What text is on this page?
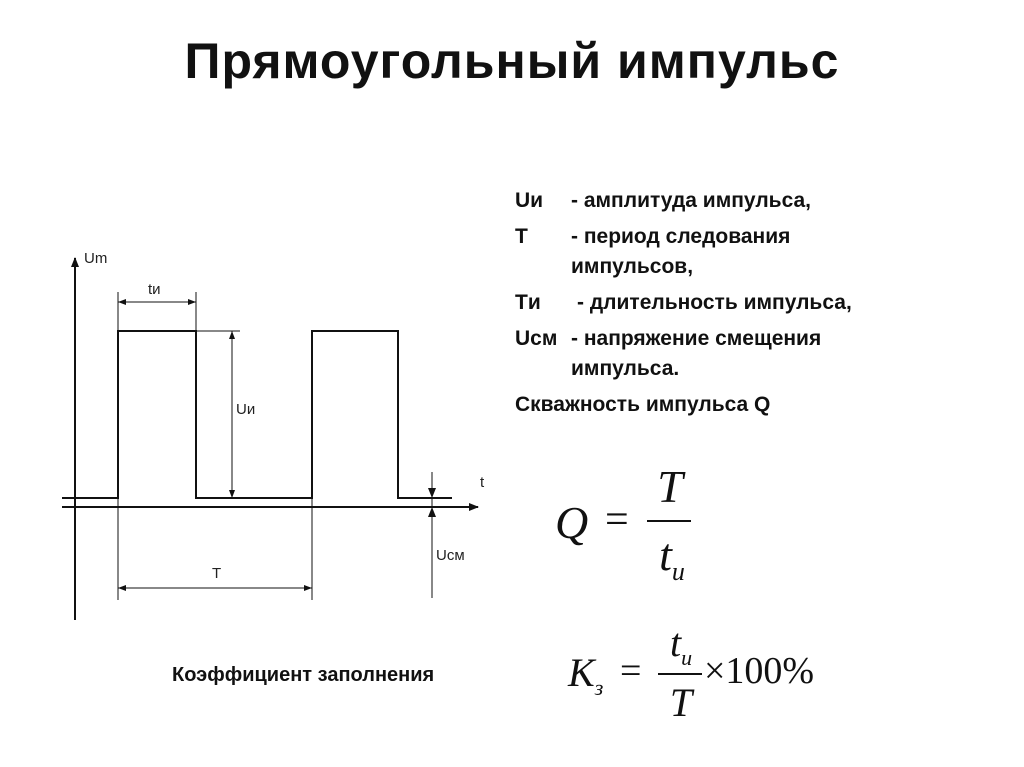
Прямоугольный импульс
Um
t
tи
Uи
T
Uсм
Uи	- амплитуда импульса,
T	- период следования импульсов,
Tи	- длительность импульса,
Uсм - напряжение смещения импульса.
Скважность импульса Q
Q =
T
$t_и$
Коэффициент заполнения	$K_з$ =
$t_и$
T
×100%
